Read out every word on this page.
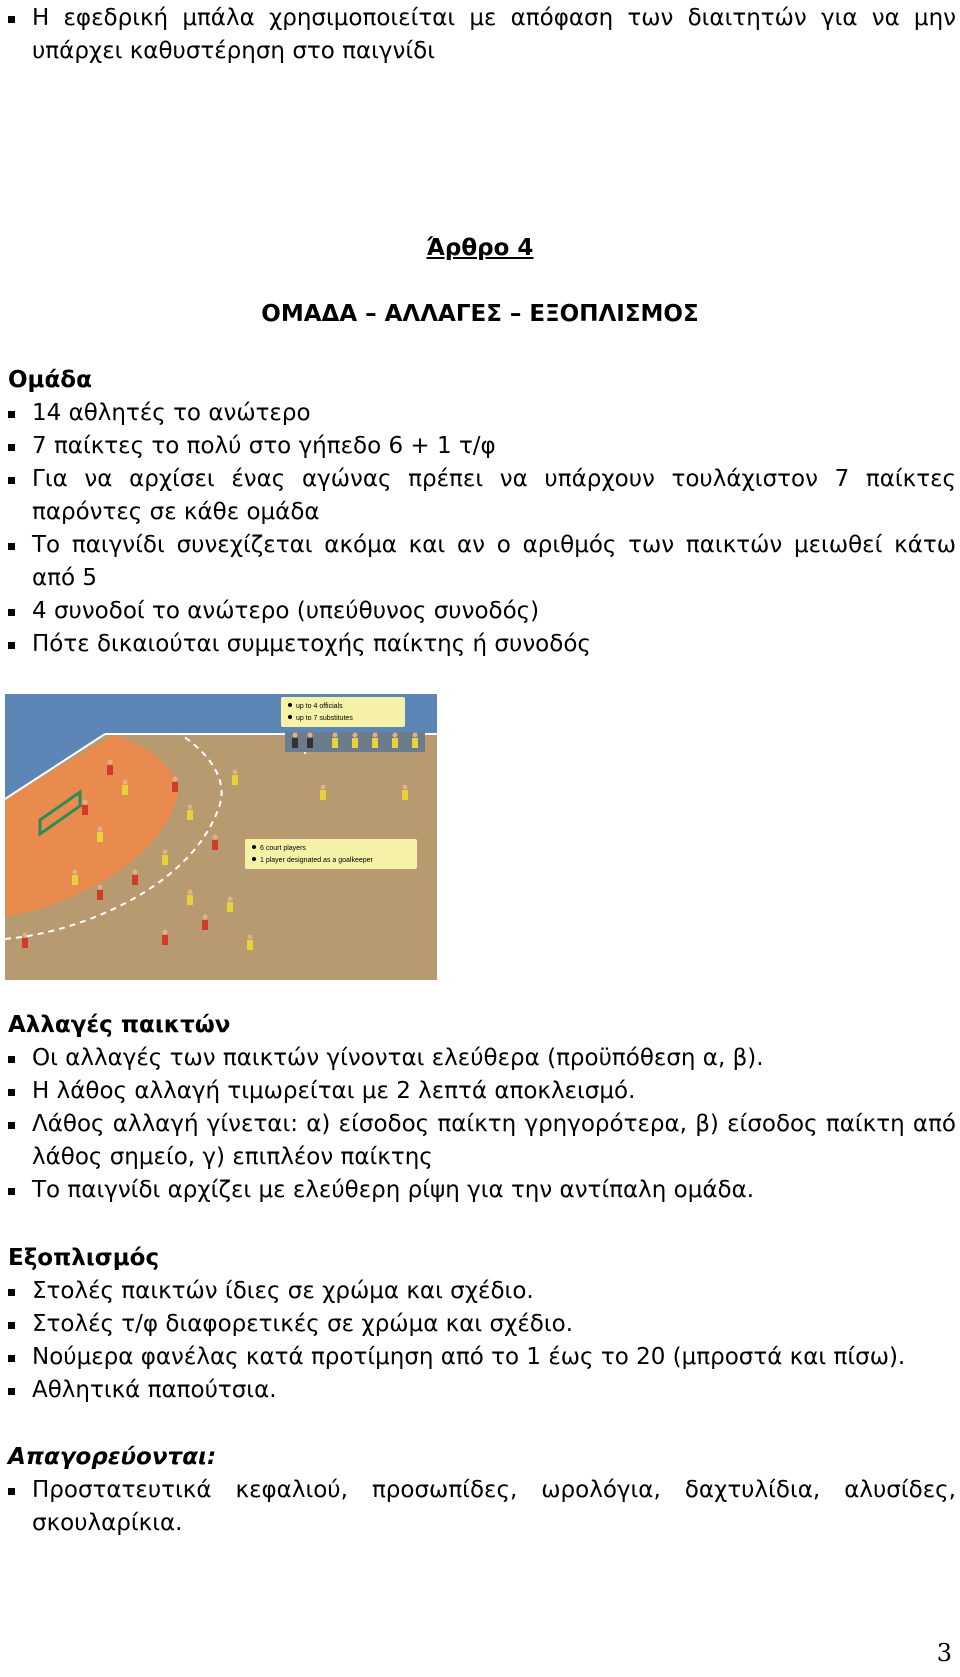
Η εφεδρική μπάλα χρησιμοποιείται με απόφαση των διαιτητών για να μην υπάρχει καθυστέρηση στο παιγνίδι
Άρθρο 4
ΟΜΑΔΑ – ΑΛΛΑΓΕΣ – ΕΞΟΠΛΙΣΜΟΣ
Ομάδα
14 αθλητές το ανώτερο
7 παίκτες το πολύ στο γήπεδο 6 + 1 τ/φ
Για να αρχίσει ένας αγώνας πρέπει να υπάρχουν τουλάχιστον 7 παίκτες παρόντες σε κάθε ομάδα
Το παιγνίδι συνεχίζεται ακόμα και αν ο αριθμός των παικτών μειωθεί κάτω από 5
4 συνοδοί το ανώτερο (υπεύθυνος συνοδός)
Πότε δικαιούται συμμετοχής παίκτης ή συνοδός
up to 4 officials
up to 7 substitutes
6 court players
1 player designated as a goalkeeper
Αλλαγές παικτών
Οι αλλαγές των παικτών γίνονται ελεύθερα (προϋπόθεση α, β).
Η λάθος αλλαγή τιμωρείται με 2 λεπτά αποκλεισμό.
Λάθος αλλαγή γίνεται: α) είσοδος παίκτη γρηγορότερα, β) είσοδος παίκτη από λάθος σημείο, γ) επιπλέον παίκτης
Το παιγνίδι αρχίζει με ελεύθερη ρίψη για την αντίπαλη ομάδα.
Εξοπλισμός
Στολές παικτών ίδιες σε χρώμα και σχέδιο.
Στολές τ/φ διαφορετικές σε χρώμα και σχέδιο.
Νούμερα φανέλας κατά προτίμηση από το 1 έως το 20 (μπροστά και πίσω).
Αθλητικά παπούτσια.
Απαγορεύονται:
Προστατευτικά κεφαλιού, προσωπίδες, ωρολόγια, δαχτυλίδια, αλυσίδες, σκουλαρίκια.
3
